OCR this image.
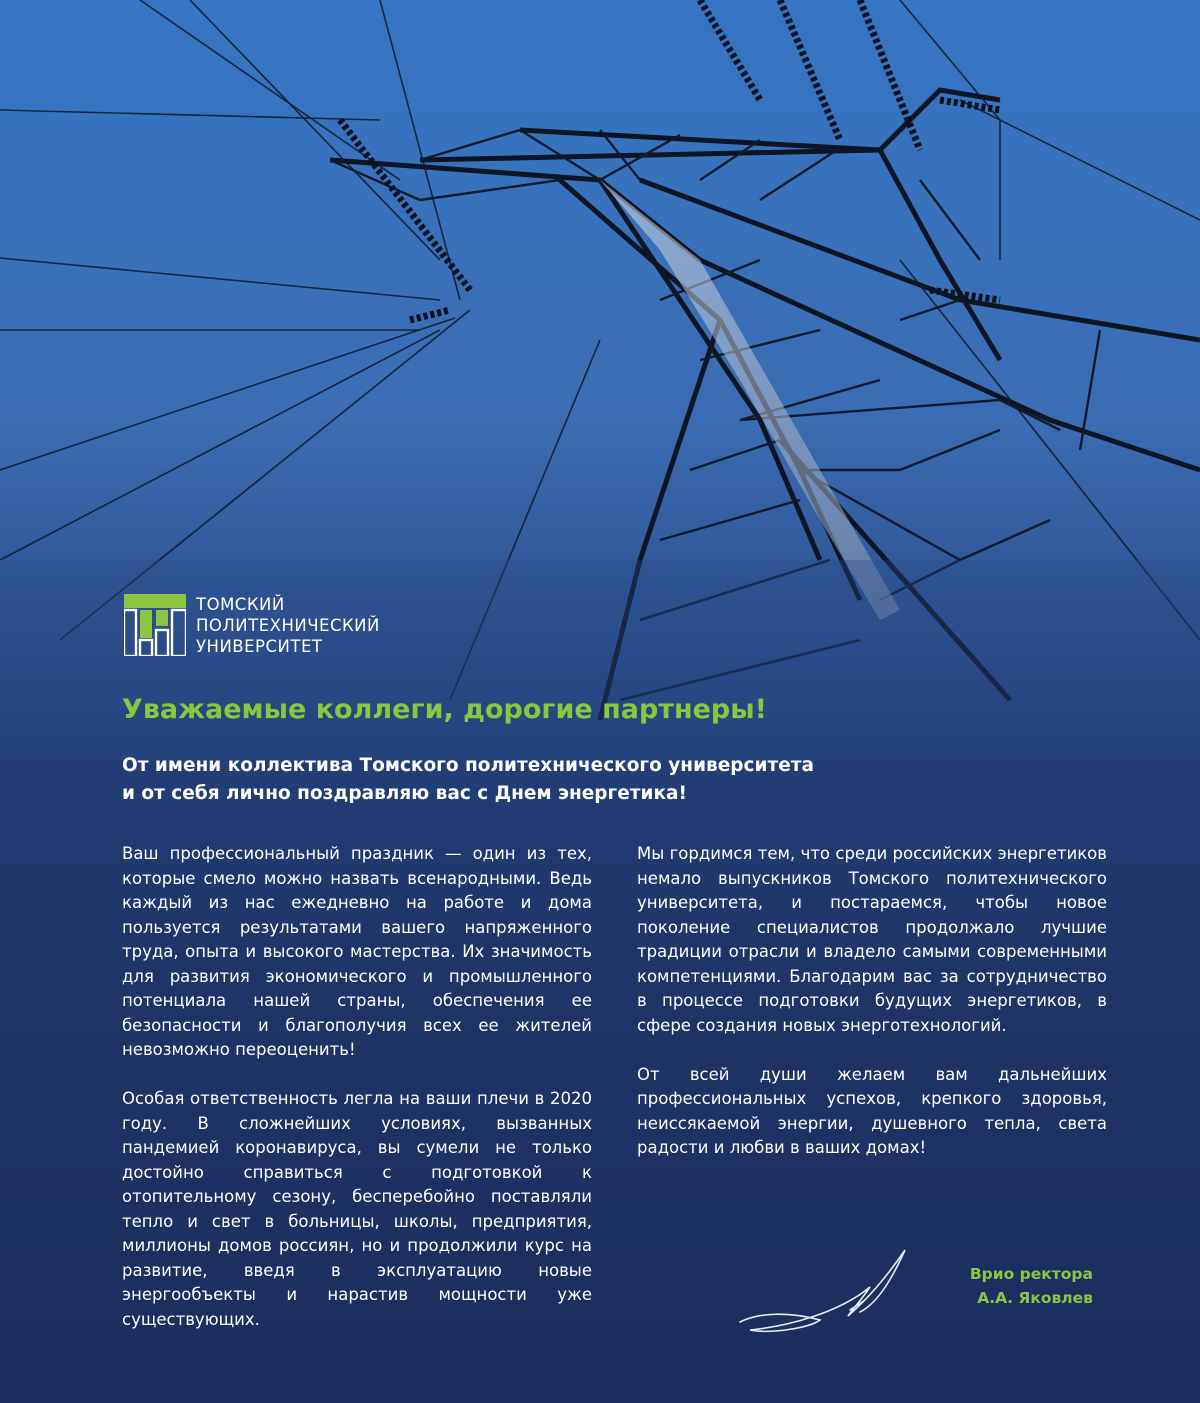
ТОМСКИЙ
ПОЛИТЕХНИЧЕСКИЙ
УНИВЕРСИТЕТ
Уважаемые коллеги, дорогие партнеры!
От имени коллектива Томского политехнического университета
и от себя лично поздравляю вас с Днем энергетика!

Ваш профессиональный праздник — один из тех, которые смело можно назвать всенародными. Ведь каждый из нас ежедневно на работе и дома пользуется результатами вашего напряженного труда, опыта и высокого мастерства. Их значимость для развития экономического и промышленного потенциала нашей страны, обеспечения ее безопасности и благополучия всех ее жителей невозможно переоценить!

Особая ответственность легла на ваши плечи в 2020 году. В сложнейших условиях, вызванных пандемией коронавируса, вы сумели не только достойно справиться с подготовкой к отопительному сезону, бесперебойно поставляли тепло и свет в больницы, школы, предприятия, миллионы домов россиян, но и продолжили курс на развитие, введя в эксплуатацию новые энергообъекты и нарастив мощности уже существующих.

Мы гордимся тем, что среди российских энергетиков немало выпускников Томского политехнического университета, и постараемся, чтобы новое поколение специалистов продолжало лучшие традиции отрасли и владело самыми современными компетенциями. Благодарим вас за сотрудничество в процессе подготовки будущих энергетиков, в сфере создания новых энерготехнологий.

От всей души желаем вам дальнейших профессиональных успехов, крепкого здоровья, неиссякаемой энергии, душевного тепла, света радости и любви в ваших домах!

Врио ректора
А.А. Яковлев
